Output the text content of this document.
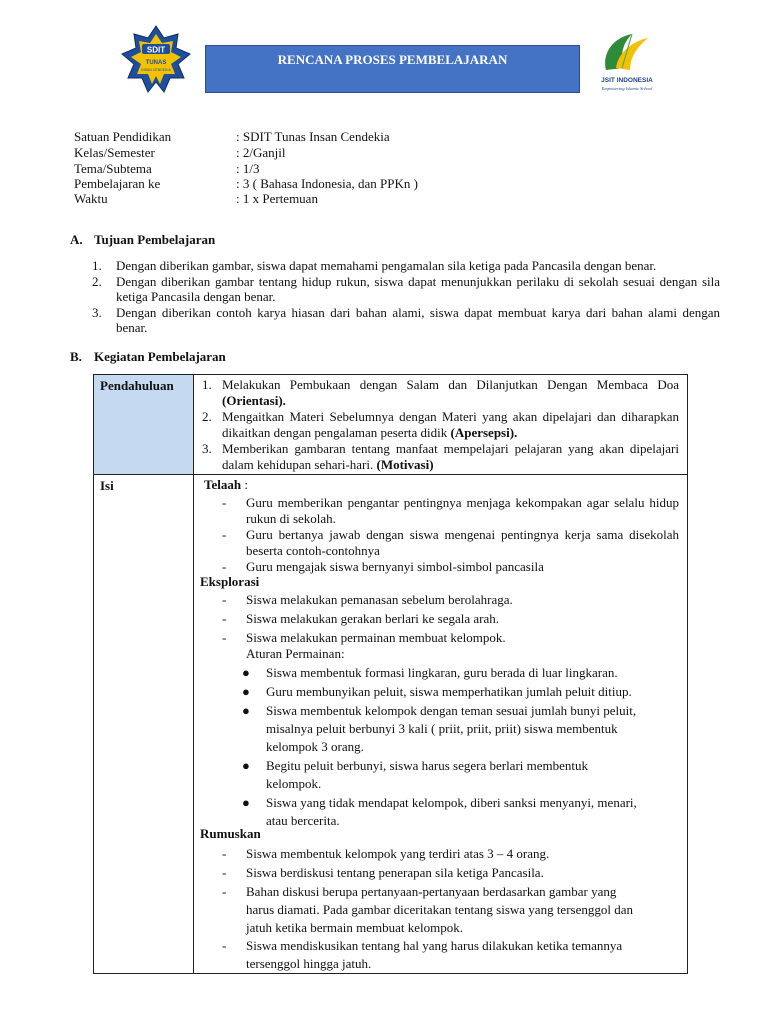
SDIT
TUNAS
INSAN CENDEKIA
RENCANA PROSES PEMBELAJARAN
JSIT INDONESIA
Empowering Islamic School
Satuan Pendidikan	: SDIT Tunas Insan Cendekia
Kelas/Semester	: 2/Ganjil
Tema/Subtema	: 1/3
Pembelajaran ke	: 3 ( Bahasa Indonesia, dan PPKn )
Waktu	: 1 x Pertemuan
A. Tujuan Pembelajaran
1. Dengan diberikan gambar, siswa dapat memahami pengamalan sila ketiga pada Pancasila dengan benar.
2. Dengan diberikan gambar tentang hidup rukun, siswa dapat menunjukkan perilaku di sekolah sesuai dengan sila ketiga Pancasila dengan benar.
3. Dengan diberikan contoh karya hiasan dari bahan alami, siswa dapat membuat karya dari bahan alami dengan benar.
B. Kegiatan Pembelajaran
Pendahuluan	1. Melakukan Pembukaan dengan Salam dan Dilanjutkan Dengan Membaca Doa (Orientasi).
2. Mengaitkan Materi Sebelumnya dengan Materi yang akan dipelajari dan diharapkan dikaitkan dengan pengalaman peserta didik (Apersepsi).
3. Memberikan gambaran tentang manfaat mempelajari pelajaran yang akan dipelajari dalam kehidupan sehari-hari. (Motivasi)
Isi	Telaah :
- Guru memberikan pengantar pentingnya menjaga kekompakan agar selalu hidup rukun di sekolah.
- Guru bertanya jawab dengan siswa mengenai pentingnya kerja sama disekolah beserta contoh-contohnya
- Guru mengajak siswa bernyanyi simbol-simbol pancasila
Eksplorasi
- Siswa melakukan pemanasan sebelum berolahraga.
- Siswa melakukan gerakan berlari ke segala arah.
- Siswa melakukan permainan membuat kelompok.
Aturan Permainan:
● Siswa membentuk formasi lingkaran, guru berada di luar lingkaran.
● Guru membunyikan peluit, siswa memperhatikan jumlah peluit ditiup.
● Siswa membentuk kelompok dengan teman sesuai jumlah bunyi peluit, misalnya peluit berbunyi 3 kali ( priit, priit, priit) siswa membentuk kelompok 3 orang.
● Begitu peluit berbunyi, siswa harus segera berlari membentuk kelompok.
● Siswa yang tidak mendapat kelompok, diberi sanksi menyanyi, menari, atau bercerita.
Rumuskan
- Siswa membentuk kelompok yang terdiri atas 3 – 4 orang.
- Siswa berdiskusi tentang penerapan sila ketiga Pancasila.
- Bahan diskusi berupa pertanyaan-pertanyaan berdasarkan gambar yang harus diamati. Pada gambar diceritakan tentang siswa yang tersenggol dan jatuh ketika bermain membuat kelompok.
- Siswa mendiskusikan tentang hal yang harus dilakukan ketika temannya tersenggol hingga jatuh.
